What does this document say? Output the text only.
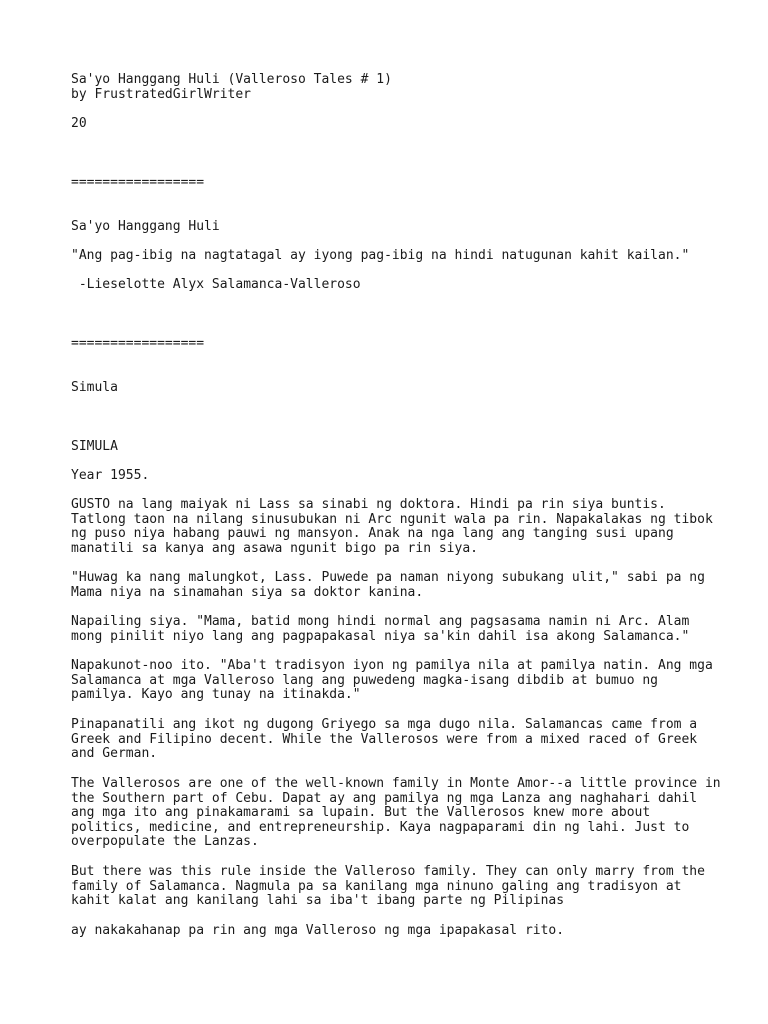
Sa'yo Hanggang Huli (Valleroso Tales # 1)
by FrustratedGirlWriter
20
=================
Sa'yo Hanggang Huli
"Ang pag-ibig na nagtatagal ay iyong pag-ibig na hindi natugunan kahit kailan."
-Lieselotte Alyx Salamanca-Valleroso
=================
Simula
SIMULA
Year 1955.
GUSTO na lang maiyak ni Lass sa sinabi ng doktora. Hindi pa rin siya buntis.
Tatlong taon na nilang sinusubukan ni Arc ngunit wala pa rin. Napakalakas ng tibok
ng puso niya habang pauwi ng mansyon. Anak na nga lang ang tanging susi upang
manatili sa kanya ang asawa ngunit bigo pa rin siya.
"Huwag ka nang malungkot, Lass. Puwede pa naman niyong subukang ulit," sabi pa ng
Mama niya na sinamahan siya sa doktor kanina.
Napailing siya. "Mama, batid mong hindi normal ang pagsasama namin ni Arc. Alam
mong pinilit niyo lang ang pagpapakasal niya sa'kin dahil isa akong Salamanca."
Napakunot-noo ito. "Aba't tradisyon iyon ng pamilya nila at pamilya natin. Ang mga
Salamanca at mga Valleroso lang ang puwedeng magka-isang dibdib at bumuo ng
pamilya. Kayo ang tunay na itinakda."
Pinapanatili ang ikot ng dugong Griyego sa mga dugo nila. Salamancas came from a
Greek and Filipino decent. While the Vallerosos were from a mixed raced of Greek
and German.
The Vallerosos are one of the well-known family in Monte Amor--a little province in
the Southern part of Cebu. Dapat ay ang pamilya ng mga Lanza ang naghahari dahil
ang mga ito ang pinakamarami sa lupain. But the Vallerosos knew more about
politics, medicine, and entrepreneurship. Kaya nagpaparami din ng lahi. Just to
overpopulate the Lanzas.
But there was this rule inside the Valleroso family. They can only marry from the
family of Salamanca. Nagmula pa sa kanilang mga ninuno galing ang tradisyon at
kahit kalat ang kanilang lahi sa iba't ibang parte ng Pilipinas
ay nakakahanap pa rin ang mga Valleroso ng mga ipapakasal rito.
